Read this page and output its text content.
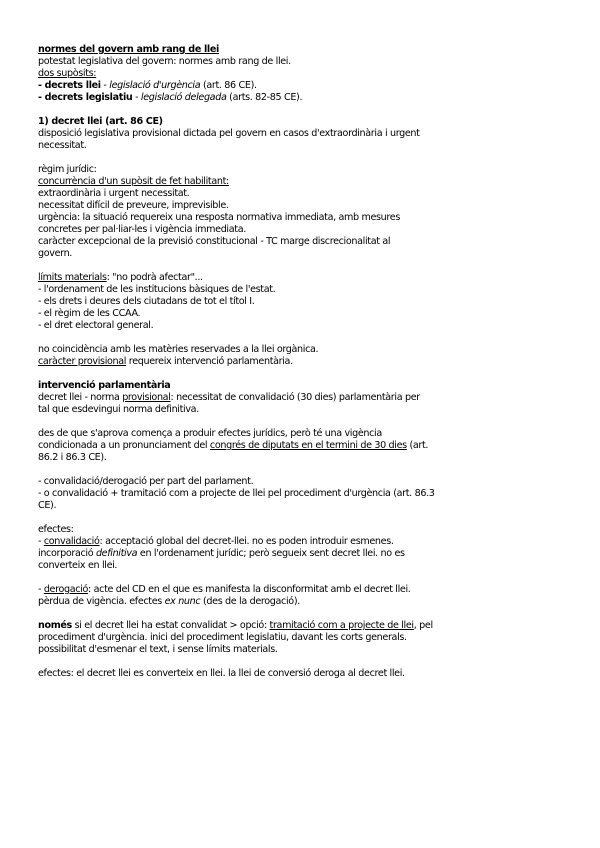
normes del govern amb rang de llei
potestat legislativa del govern: normes amb rang de llei.
dos supòsits:
- decrets llei - legislació d'urgència (art. 86 CE).
- decrets legislatiu - legislació delegada (arts. 82-85 CE).
1) decret llei (art. 86 CE)
disposició legislativa provisional dictada pel govern en casos d'extraordinària i urgent
necessitat.
règim jurídic:
concurrència d'un supòsit de fet habilitant:
extraordinària i urgent necessitat.
necessitat difícil de preveure, imprevisible.
urgència: la situació requereix una resposta normativa immediata, amb mesures
concretes per pal·liar-les i vigència immediata.
caràcter excepcional de la previsió constitucional - TC marge discrecionalitat al
govern.
límits materials: "no podrà afectar"...
- l'ordenament de les institucions bàsiques de l'estat.
- els drets i deures dels ciutadans de tot el títol I.
- el règim de les CCAA.
- el dret electoral general.
no coincidència amb les matèries reservades a la llei orgànica.
caràcter provisional requereix intervenció parlamentària.
intervenció parlamentària
decret llei - norma provisional: necessitat de convalidació (30 dies) parlamentària per
tal que esdevingui norma definitiva.
des de que s'aprova comença a produir efectes jurídics, però té una vigència
condicionada a un pronunciament del congrés de diputats en el termini de 30 dies (art.
86.2 i 86.3 CE).
- convalidació/derogació per part del parlament.
- o convalidació + tramitació com a projecte de llei pel procediment d'urgència (art. 86.3
CE).
efectes:
- convalidació: acceptació global del decret-llei. no es poden introduir esmenes.
incorporació definitiva en l'ordenament jurídic; però segueix sent decret llei. no es
converteix en llei.
- derogació: acte del CD en el que es manifesta la disconformitat amb el decret llei.
pèrdua de vigència. efectes ex nunc (des de la derogació).
només si el decret llei ha estat convalidat > opció: tramitació com a projecte de llei, pel
procediment d'urgència. inici del procediment legislatiu, davant les corts generals.
possibilitat d'esmenar el text, i sense límits materials.
efectes: el decret llei es converteix en llei. la llei de conversió deroga al decret llei.
